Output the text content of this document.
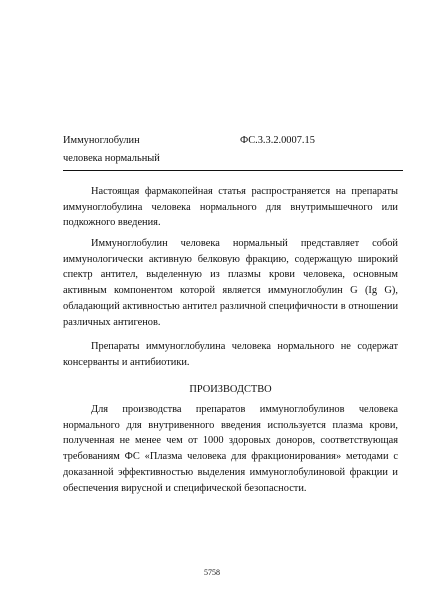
Иммуноглобулин
человека нормальный
ФС.3.3.2.0007.15

Настоящая фармакопейная статья распространяется на препараты иммуноглобулина человека нормального для внутримышечного или подкожного введения.

Иммуноглобулин человека нормальный представляет собой иммунологически активную белковую фракцию, содержащую широкий спектр антител, выделенную из плазмы крови человека, основным активным компонентом которой является иммуноглобулин G (Ig G), обладающий активностью антител различной специфичности в отношении различных антигенов.

Препараты иммуноглобулина человека нормального не содержат консерванты и антибиотики.

ПРОИЗВОДСТВО

Для производства препаратов иммуноглобулинов человека нормального для внутривенного введения используется плазма крови, полученная не менее чем от 1000 здоровых доноров, соответствующая требованиям ФС «Плазма человека для фракционирования» методами с доказанной эффективностью выделения иммуноглобулиновой фракции и обеспечения вирусной и специфической безопасности.

5758
